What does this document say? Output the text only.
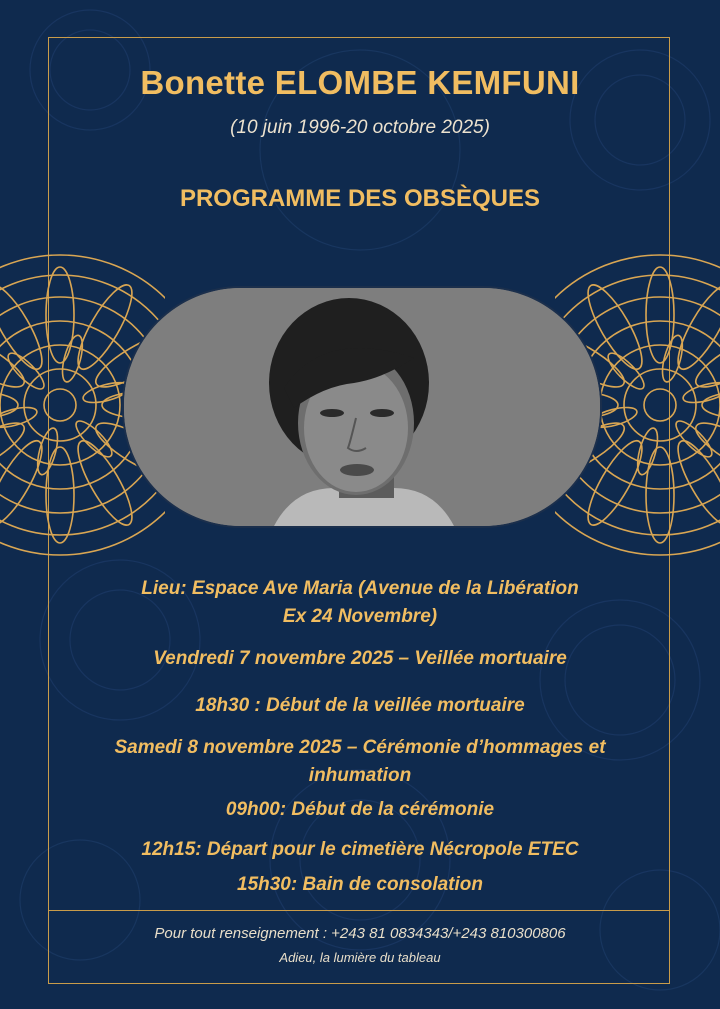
Bonette ELOMBE KEMFUNI
(10 juin 1996-20 octobre 2025)
PROGRAMME DES OBSÈQUES
Lieu: Espace Ave Maria (Avenue de la Libération
Ex 24 Novembre)
Vendredi 7 novembre 2025 – Veillée mortuaire
18h30 : Début de la veillée mortuaire
Samedi 8 novembre 2025 – Cérémonie d’hommages et
inhumation
09h00: Début de la cérémonie
12h15: Départ pour le cimetière Nécropole ETEC
15h30: Bain de consolation
Pour tout renseignement : +243 81 0834343/+243 810300806
Adieu, la lumière du tableau
